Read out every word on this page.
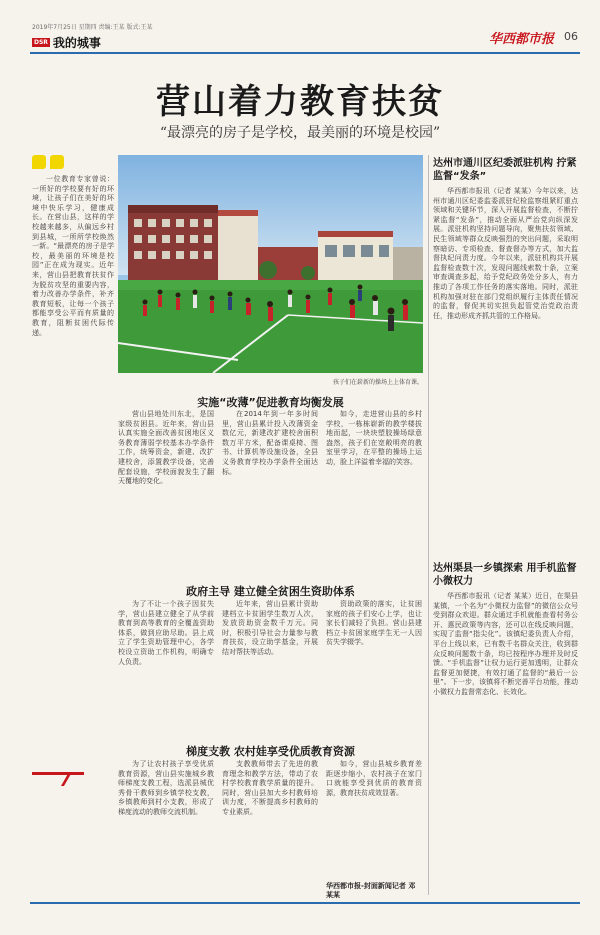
2019年7月25日 星期四 责编:王某 版式:王某
DSR 我的城事	华西都市报 06
营山着力教育扶贫
“最漂亮的房子是学校，最美丽的环境是校园”

一位教育专家曾说：一所好的学校要有好的环境，让孩子们在美好的环境中快乐学习，健康成长。在营山县，这样的学校越来越多，从偏远乡村到县城，一所所学校焕然一新。“最漂亮的房子是学校，最美丽的环境是校园”正在成为现实。近年来，营山县把教育扶贫作为脱贫攻坚的重要内容，着力改善办学条件，补齐教育短板，让每一个孩子都能享受公平而有质量的教育，阻断贫困代际传递。

孩子们在崭新的操场上上体育课。
实施“改薄”促进教育均衡发展

营山县地处川东北，是国家级贫困县。近年来，营山县认真实施全面改善贫困地区义务教育薄弱学校基本办学条件工作，统筹资金，新建、改扩建校舍，添置教学设备，完善配套设施，学校面貌发生了翻天覆地的变化。

在2014年到一年多时间里，营山县累计投入改薄资金数亿元，新建改扩建校舍面积数万平方米，配备课桌椅、图书、计算机等设施设备，全县义务教育学校办学条件全面达标。

如今，走进营山县的乡村学校，一栋栋崭新的教学楼拔地而起，一块块塑胶操场绿意盎然，孩子们在宽敞明亮的教室里学习，在平整的操场上运动，脸上洋溢着幸福的笑容。

政府主导 建立健全贫困生资助体系

为了不让一个孩子因贫失学，营山县建立健全了从学前教育到高等教育的全覆盖资助体系，做到应助尽助。县上成立了学生资助管理中心，各学校设立资助工作机构，明确专人负责。

近年来，营山县累计资助建档立卡贫困学生数万人次，发放资助资金数千万元。同时，积极引导社会力量参与教育扶贫，设立助学基金，开展结对帮扶等活动。

资助政策的落实，让贫困家庭的孩子们安心上学，也让家长们减轻了负担。营山县建档立卡贫困家庭学生无一人因贫失学辍学。

梯度支教 农村娃享受优质教育资源

为了让农村孩子享受优质教育资源，营山县实施城乡教师梯度支教工程，选派县城优秀骨干教师到乡镇学校支教，乡镇教师到村小支教，形成了梯度流动的教师交流机制。

支教教师带去了先进的教育理念和教学方法，带动了农村学校教育教学质量的提升。同时，营山县加大乡村教师培训力度，不断提高乡村教师的专业素质。

如今，营山县城乡教育差距逐步缩小，农村孩子在家门口就能享受到优质的教育资源，教育扶贫成效显著。

华西都市报-封面新闻记者 邓某某
达州市通川区纪委派驻机构 拧紧监督“发条”

华西都市报讯（记者 某某）今年以来，达州市通川区纪委监委派驻纪检监察组紧盯重点领域和关键环节，深入开展监督检查，不断拧紧监督“发条”，推动全面从严治党向纵深发展。派驻机构坚持问题导向，聚焦扶贫领域、民生领域等群众反映强烈的突出问题，采取明察暗访、专项检查、督查督办等方式，加大监督执纪问责力度。今年以来，派驻机构共开展监督检查数十次，发现问题线索数十条，立案审查调查多起，给予党纪政务处分多人，有力推动了各项工作任务的落实落地。同时，派驻机构加强对驻在部门党组织履行主体责任情况的监督，督促其切实担负起管党治党政治责任，推动形成齐抓共管的工作格局。

达州渠县一乡镇探索 用手机监督小微权力

华西都市报讯（记者 某某）近日，在渠县某镇，一个名为“小微权力监督”的微信公众号受到群众欢迎。群众通过手机就能查看村务公开、惠民政策等内容，还可以在线反映问题，实现了监督“指尖化”。该镇纪委负责人介绍，平台上线以来，已有数千名群众关注，收到群众反映问题数十条，均已按程序办理并及时反馈。“手机监督”让权力运行更加透明，让群众监督更加便捷，有效打通了监督的“最后一公里”。下一步，该镇将不断完善平台功能，推动小微权力监督常态化、长效化。
